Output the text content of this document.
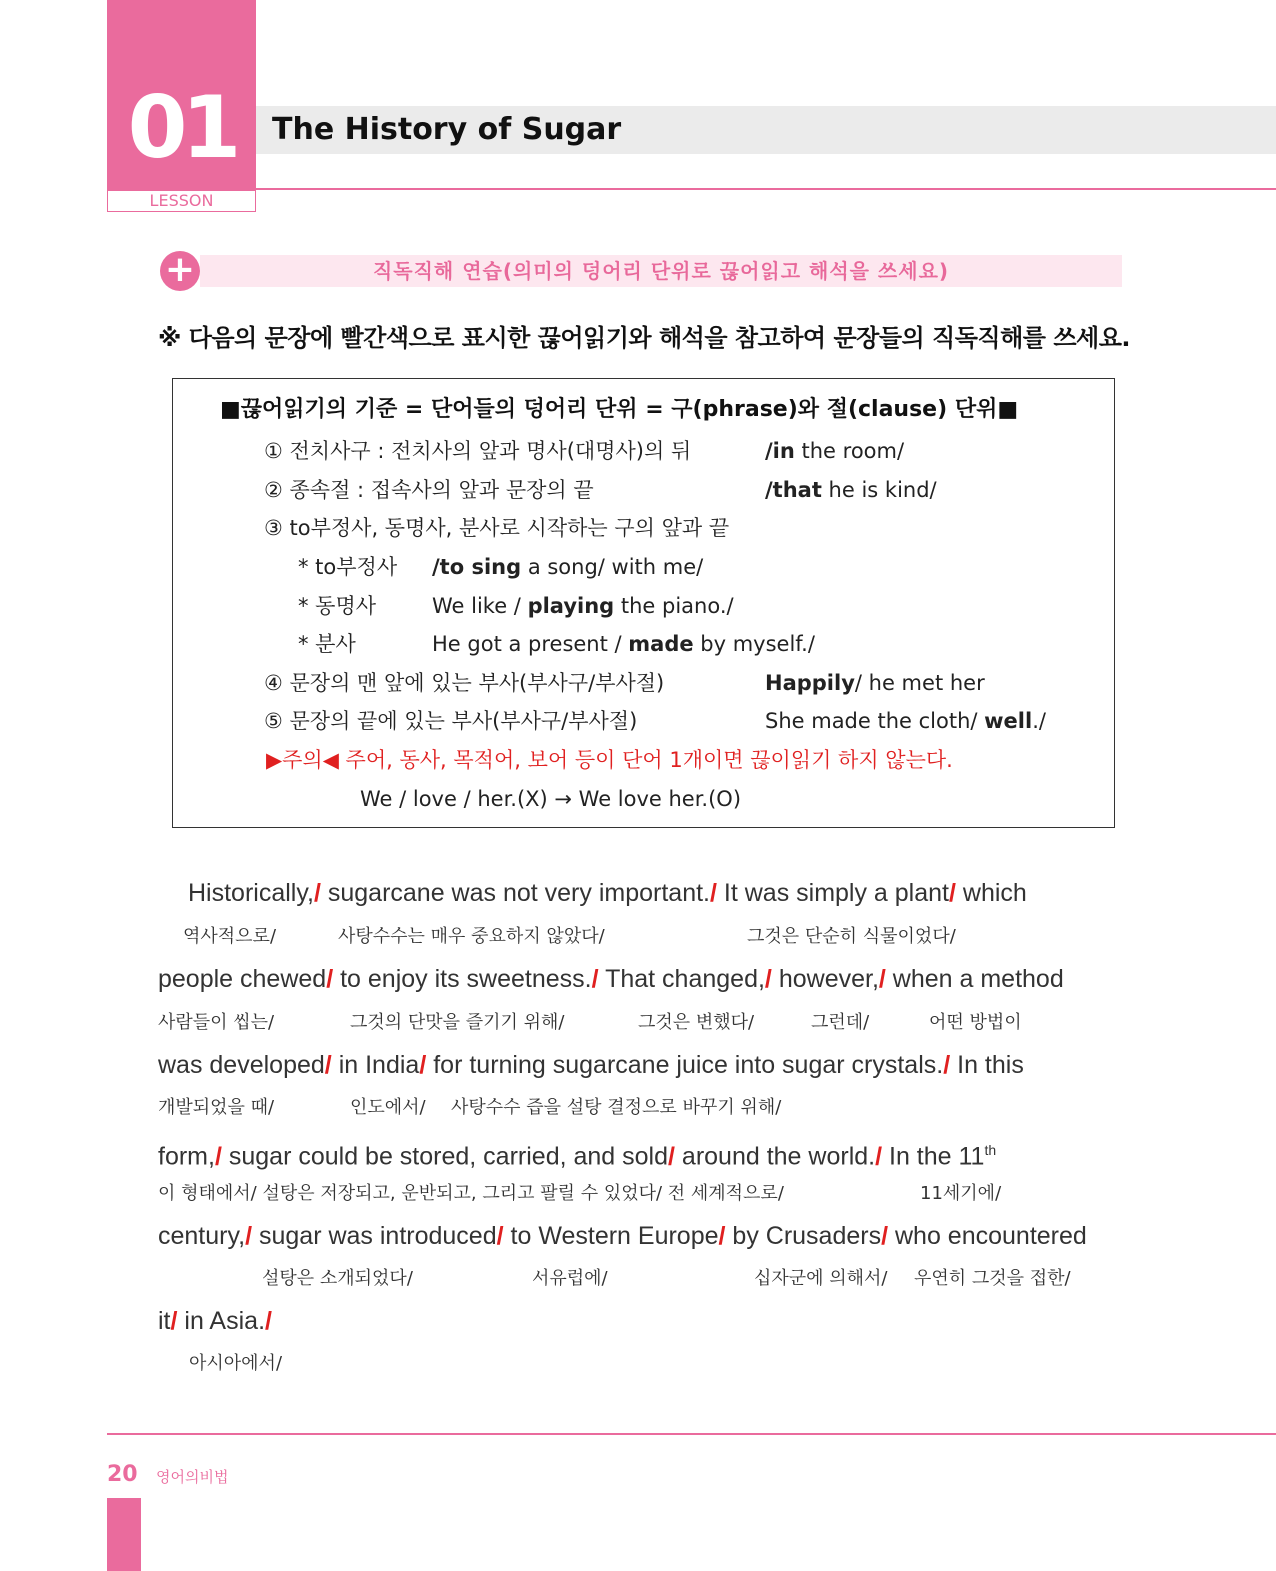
01
LESSON
The History of Sugar
+	직독직해 연습(의미의 덩어리 단위로 끊어읽고 해석을 쓰세요)
※ 다음의 문장에 빨간색으로 표시한 끊어읽기와 해석을 참고하여 문장들의 직독직해를 쓰세요.
■끊어읽기의 기준 = 단어들의 덩어리 단위 = 구(phrase)와 절(clause) 단위■
① 전치사구 : 전치사의 앞과 명사(대명사)의 뒤	/in the room/
② 종속절 : 접속사의 앞과 문장의 끝	/that he is kind/
③ to부정사, 동명사, 분사로 시작하는 구의 앞과 끝
* to부정사 /to sing a song/ with me/
* 동명사	We like / playing the piano./
* 분사	He got a present / made by myself./
④ 문장의 맨 앞에 있는 부사(부사구/부사절)	Happily/ he met her
⑤ 문장의 끝에 있는 부사(부사구/부사절)	She made the cloth/ well./
▶주의◀ 주어, 동사, 목적어, 보어 등이 단어 1개이면 끊이읽기 하지 않는다.
We / love / her.(X) → We love her.(O)
Historically,/ sugarcane was not very important./ It was simply a plant/ which
역사적으로/	사탕수수는 매우 중요하지 않았다/	그것은 단순히 식물이었다/
people chewed/ to enjoy its sweetness./ That changed,/ however,/ when a method
사람들이 씹는/	그것의 단맛을 즐기기 위해/	그것은 변했다/	그런데/	어떤 방법이
was developed/ in India/ for turning sugarcane juice into sugar crystals./ In this
개발되었을 때/	인도에서/ 사탕수수 즙을 설탕 결정으로 바꾸기 위해/
form,/ sugar could be stored, carried, and sold/ around the world./ In the 11th
이 형태에서/ 설탕은 저장되고, 운반되고, 그리고 팔릴 수 있었다/ 전 세계적으로/	11세기에/
century,/ sugar was introduced/ to Western Europe/ by Crusaders/ who encountered
설탕은 소개되었다/	서유럽에/	십자군에 의해서/ 우연히 그것을 접한/
it/ in Asia./
아시아에서/
20 영어의비법
